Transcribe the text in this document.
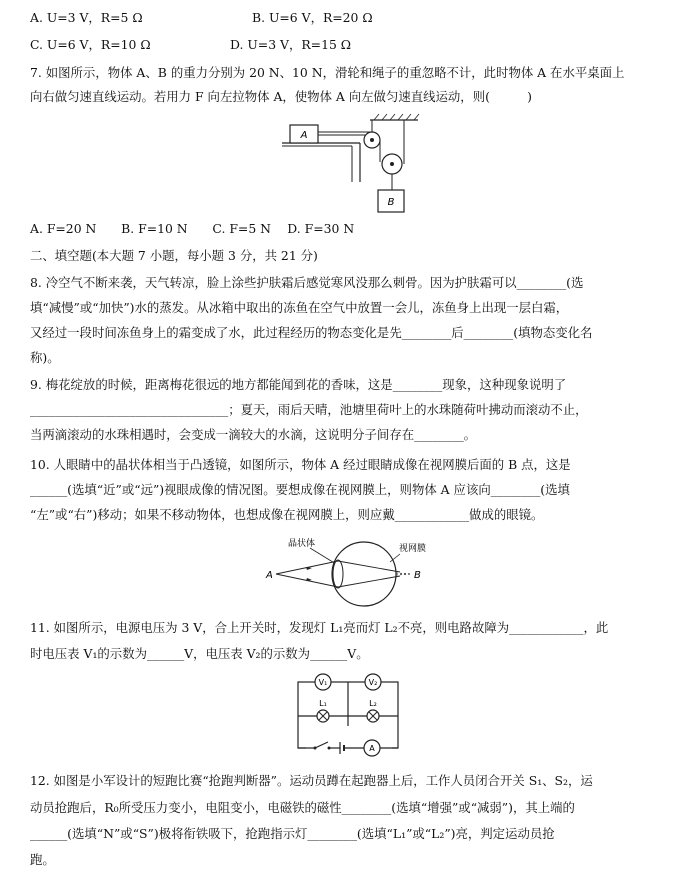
A. U=3 V，R=5 Ω	B. U=6 V，R=20 Ω
C. U=6 V，R=10 Ω	D. U=3 V，R=15 Ω
7. 如图所示，物体 A、B 的重力分别为 20 N、10 N，滑轮和绳子的重忽略不计，此时物体 A 在水平桌面上
向右做匀速直线运动。若用力 F 向左拉物体 A，使物体 A 向左做匀速直线运动，则(　　　)
A
B
A. F=20 N　　B. F=10 N　　C. F=5 N　 D. F=30 N
二、填空题(本大题 7 小题，每小题 3 分，共 21 分)
8. 冷空气不断来袭，天气转凉，脸上涂些护肤霜后感觉寒风没那么刺骨。因为护肤霜可以________(选
填“减慢”或“加快”)水的蒸发。从冰箱中取出的冻鱼在空气中放置一会儿，冻鱼身上出现一层白霜，
又经过一段时间冻鱼身上的霜变成了水，此过程经历的物态变化是先________后________(填物态变化名
称)。
9. 梅花绽放的时候，距离梅花很远的地方都能闻到花的香味，这是________现象，这种现象说明了
________________________________；夏天，雨后天晴，池塘里荷叶上的水珠随荷叶拂动而滚动不止，
当两滴滚动的水珠相遇时，会变成一滴较大的水滴，这说明分子间存在________。
10. 人眼睛中的晶状体相当于凸透镜，如图所示，物体 A 经过眼睛成像在视网膜后面的 B 点，这是
______(选填“近”或“远”)视眼成像的情况图。要想成像在视网膜上，则物体 A 应该向________(选填
“左”或“右”)移动；如果不移动物体，也想成像在视网膜上，则应戴____________做成的眼镜。
晶状体	视网膜
A	B
11. 如图所示，电源电压为 3 V，合上开关时，发现灯 L₁亮而灯 L₂不亮，则电路故障为____________，此
时电压表 V₁的示数为______V，电压表 V₂的示数为______V。
V₁	V₂
L₁	L₂
A
12. 如图是小军设计的短跑比赛“抢跑判断器”。运动员蹲在起跑器上后，工作人员闭合开关 S₁、S₂，运
动员抢跑后，R₀所受压力变小，电阻变小，电磁铁的磁性________(选填“增强”或“减弱”)，其上端的
______(选填“N”或“S”)极将衔铁吸下，抢跑指示灯________(选填“L₁”或“L₂”)亮，判定运动员抢
跑。
